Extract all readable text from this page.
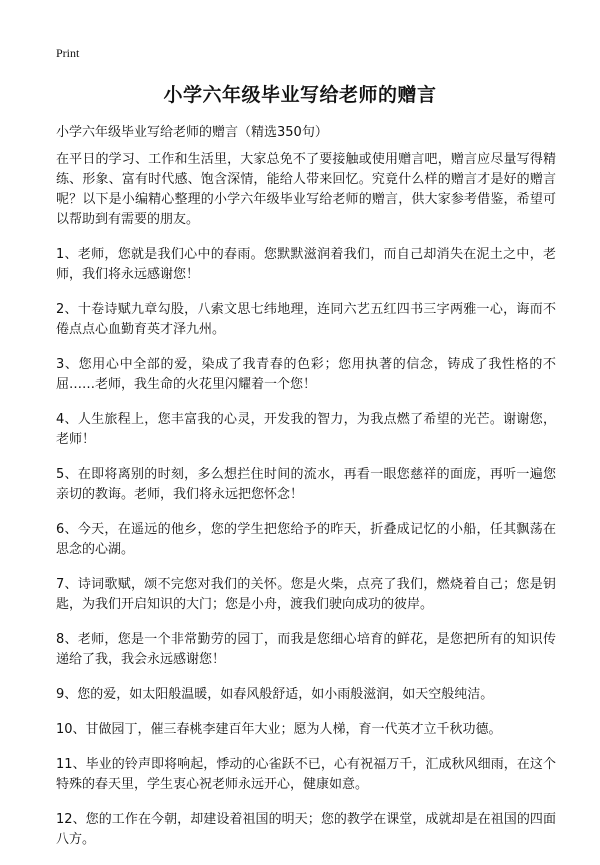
Print
小学六年级毕业写给老师的赠言

小学六年级毕业写给老师的赠言（精选350句）

在平日的学习、工作和生活里，大家总免不了要接触或使用赠言吧，赠言应尽量写得精练、形象、富有时代感、饱含深情，能给人带来回忆。究竟什么样的赠言才是好的赠言呢？以下是小编精心整理的小学六年级毕业写给老师的赠言，供大家参考借鉴，希望可以帮助到有需要的朋友。

1、老师，您就是我们心中的春雨。您默默滋润着我们，而自己却消失在泥土之中，老师，我们将永远感谢您！

2、十卷诗赋九章勾股，八索文思七纬地理，连同六艺五红四书三字两雅一心，诲而不倦点点心血勤育英才泽九州。

3、您用心中全部的爱，染成了我青春的色彩；您用执著的信念，铸成了我性格的不屈……老师，我生命的火花里闪耀着一个您！

4、人生旅程上，您丰富我的心灵，开发我的智力，为我点燃了希望的光芒。谢谢您，老师！

5、在即将离别的时刻，多么想拦住时间的流水，再看一眼您慈祥的面庞，再听一遍您亲切的教诲。老师，我们将永远把您怀念！

6、今天，在遥远的他乡，您的学生把您给予的昨天，折叠成记忆的小船，任其飘荡在思念的心湖。

7、诗词歌赋，颂不完您对我们的关怀。您是火柴，点亮了我们，燃烧着自己；您是钥匙，为我们开启知识的大门；您是小舟，渡我们驶向成功的彼岸。

8、老师，您是一个非常勤劳的园丁，而我是您细心培育的鲜花，是您把所有的知识传递给了我，我会永远感谢您！

9、您的爱，如太阳般温暖，如春风般舒适，如小雨般滋润，如天空般纯洁。

10、甘做园丁，催三春桃李建百年大业；愿为人梯，育一代英才立千秋功德。

11、毕业的铃声即将响起，悸动的心雀跃不已，心有祝福万千，汇成秋风细雨，在这个特殊的春天里，学生衷心祝老师永远开心，健康如意。

12、您的工作在今朝，却建设着祖国的明天；您的教学在课堂，成就却是在祖国的四面八方。
